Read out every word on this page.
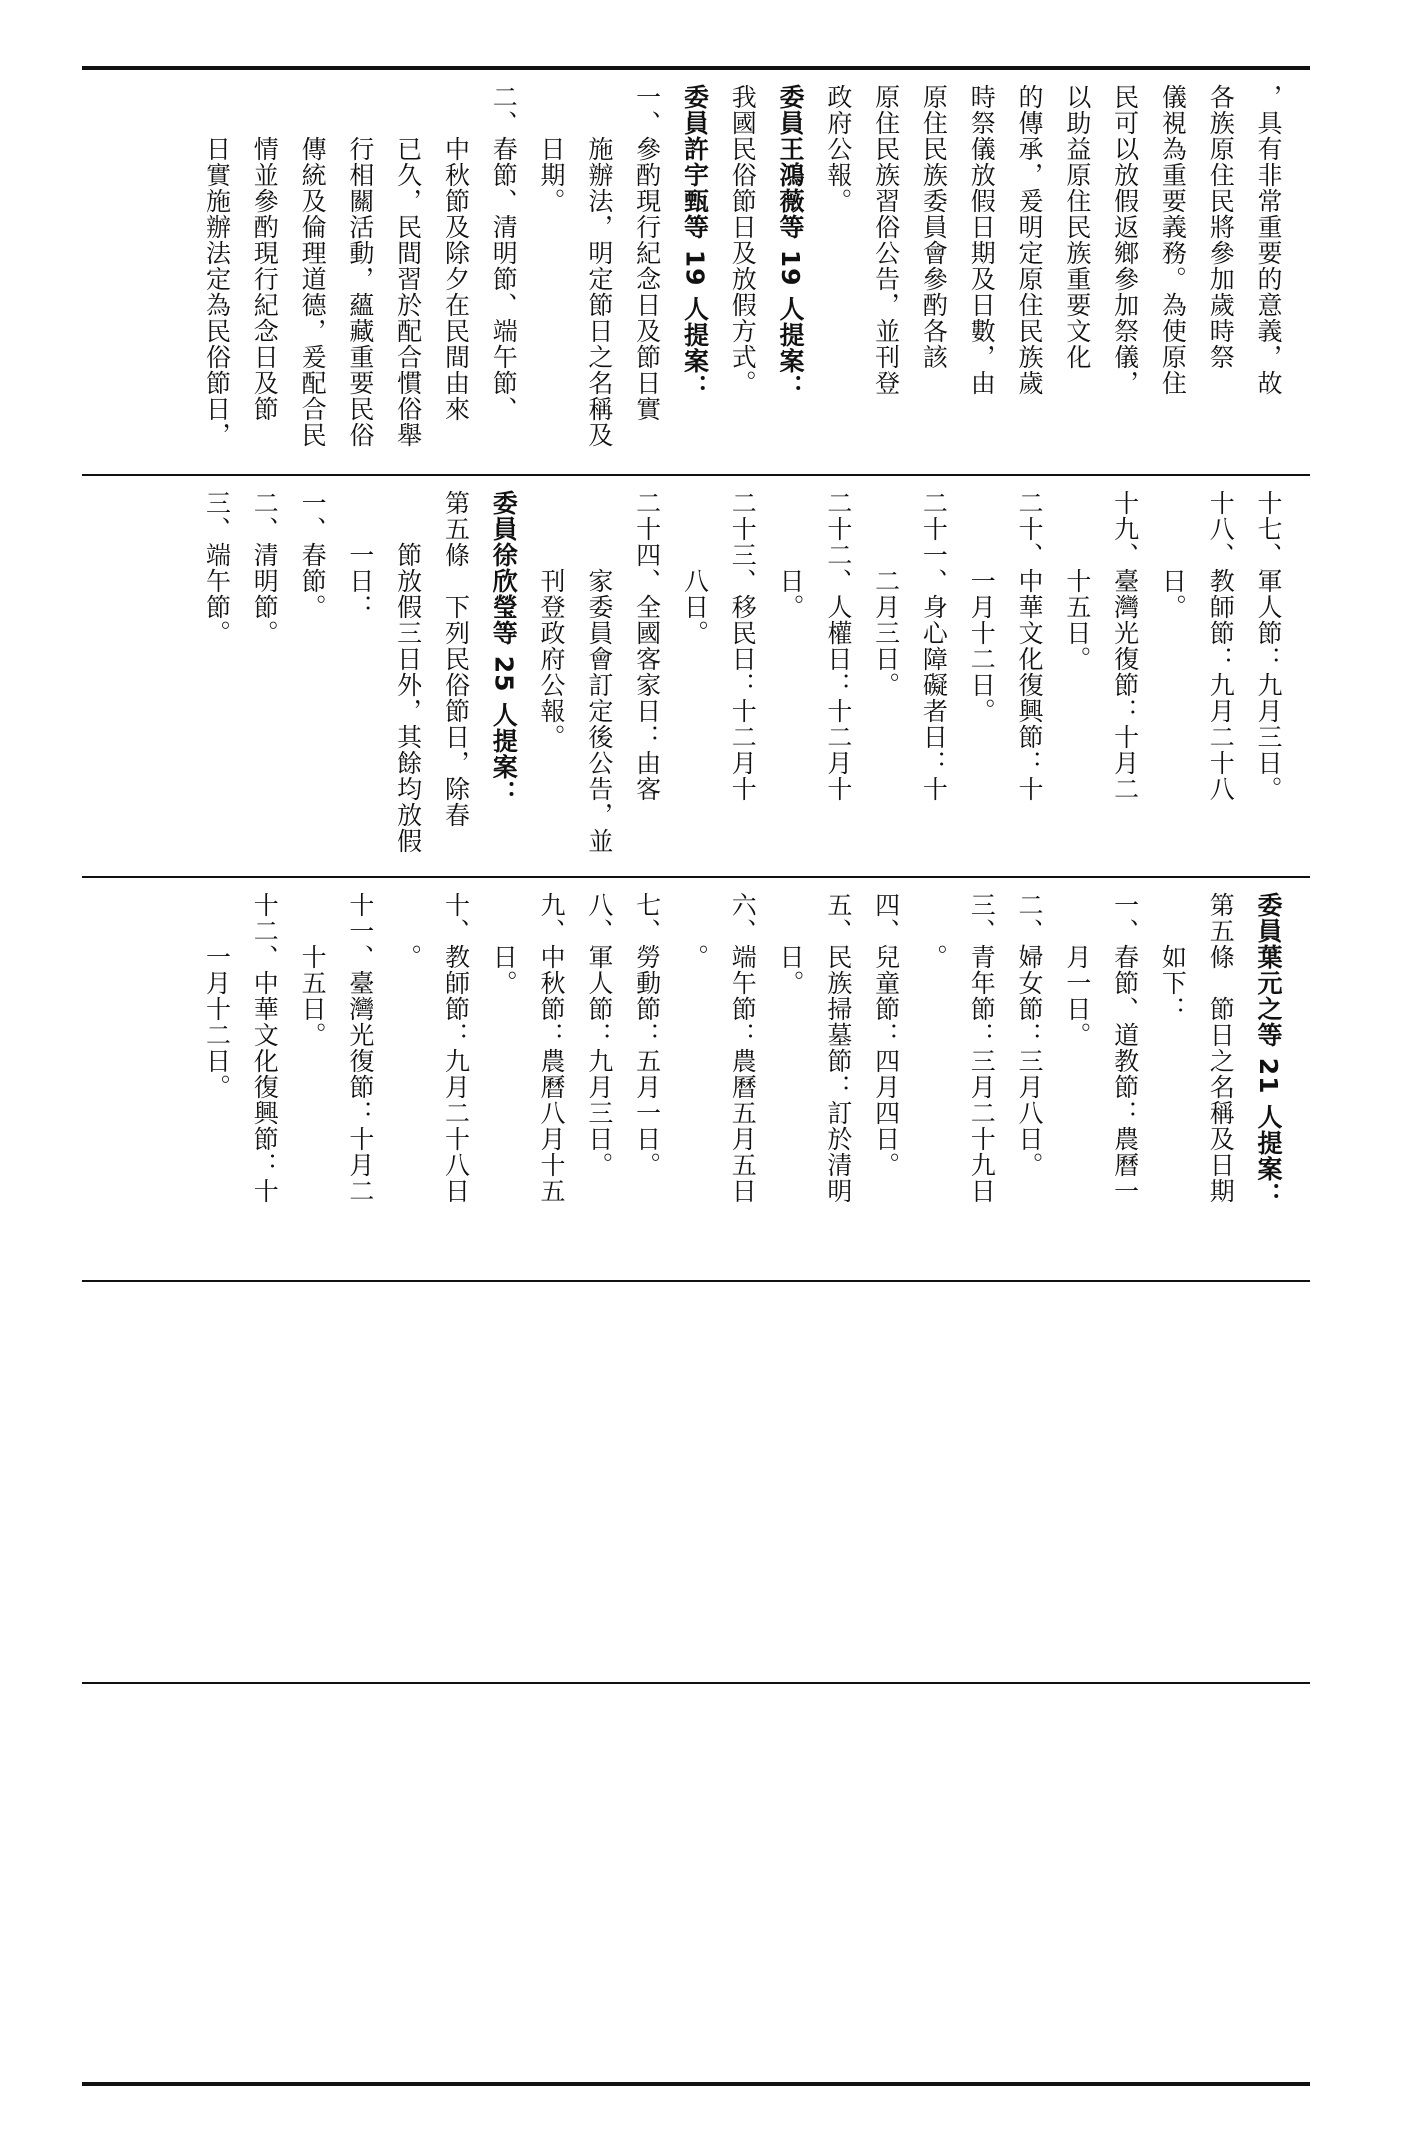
，具有非常重要的意義，故
各族原住民將參加歲時祭
儀視為重要義務。為使原住
民可以放假返鄉參加祭儀，
以助益原住民族重要文化
的傳承，爰明定原住民族歲
時祭儀放假日期及日數，由
原住民族委員會參酌各該
原住民族習俗公告，並刊登
政府公報。
委員王鴻薇等 19 人提案：
我國民俗節日及放假方式。
委員許宇甄等 19 人提案：
一、參酌現行紀念日及節日實
　　施辦法，明定節日之名稱及
　　日期。
二、春節、清明節、端午節、
　　中秋節及除夕在民間由來
　　已久，民間習於配合慣俗舉
　　行相關活動，蘊藏重要民俗
　　傳統及倫理道德，爰配合民
　　情並參酌現行紀念日及節
　　日實施辦法定為民俗節日，
十七、軍人節：九月三日。
十八、教師節：九月二十八
　　　日。
十九、臺灣光復節：十月二
　　　十五日。
二十、中華文化復興節：十
　　　一月十二日。
二十一、身心障礙者日：十
　　　二月三日。
二十二、人權日：十二月十
　　　日。
二十三、移民日：十二月十
　　　八日。
二十四、全國客家日：由客
　　　家委員會訂定後公告，並
　　　刊登政府公報。
委員徐欣瑩等 25 人提案：
第五條　下列民俗節日，除春
　　節放假三日外，其餘均放假
　　一日：
一、春節。
二、清明節。
三、端午節。
委員葉元之等 21 人提案：
第五條　節日之名稱及日期
　　如下：
一、春節、道教節：農曆一
　　月一日。
二、婦女節：三月八日。
三、青年節：三月二十九日
　　。
四、兒童節：四月四日。
五、民族掃墓節：訂於清明
　　日。
六、端午節：農曆五月五日
　　。
七、勞動節：五月一日。
八、軍人節：九月三日。
九、中秋節：農曆八月十五
　　日。
十、教師節：九月二十八日
　　。
十一、臺灣光復節：十月二
　　十五日。
十二、中華文化復興節：十
　　一月十二日。
